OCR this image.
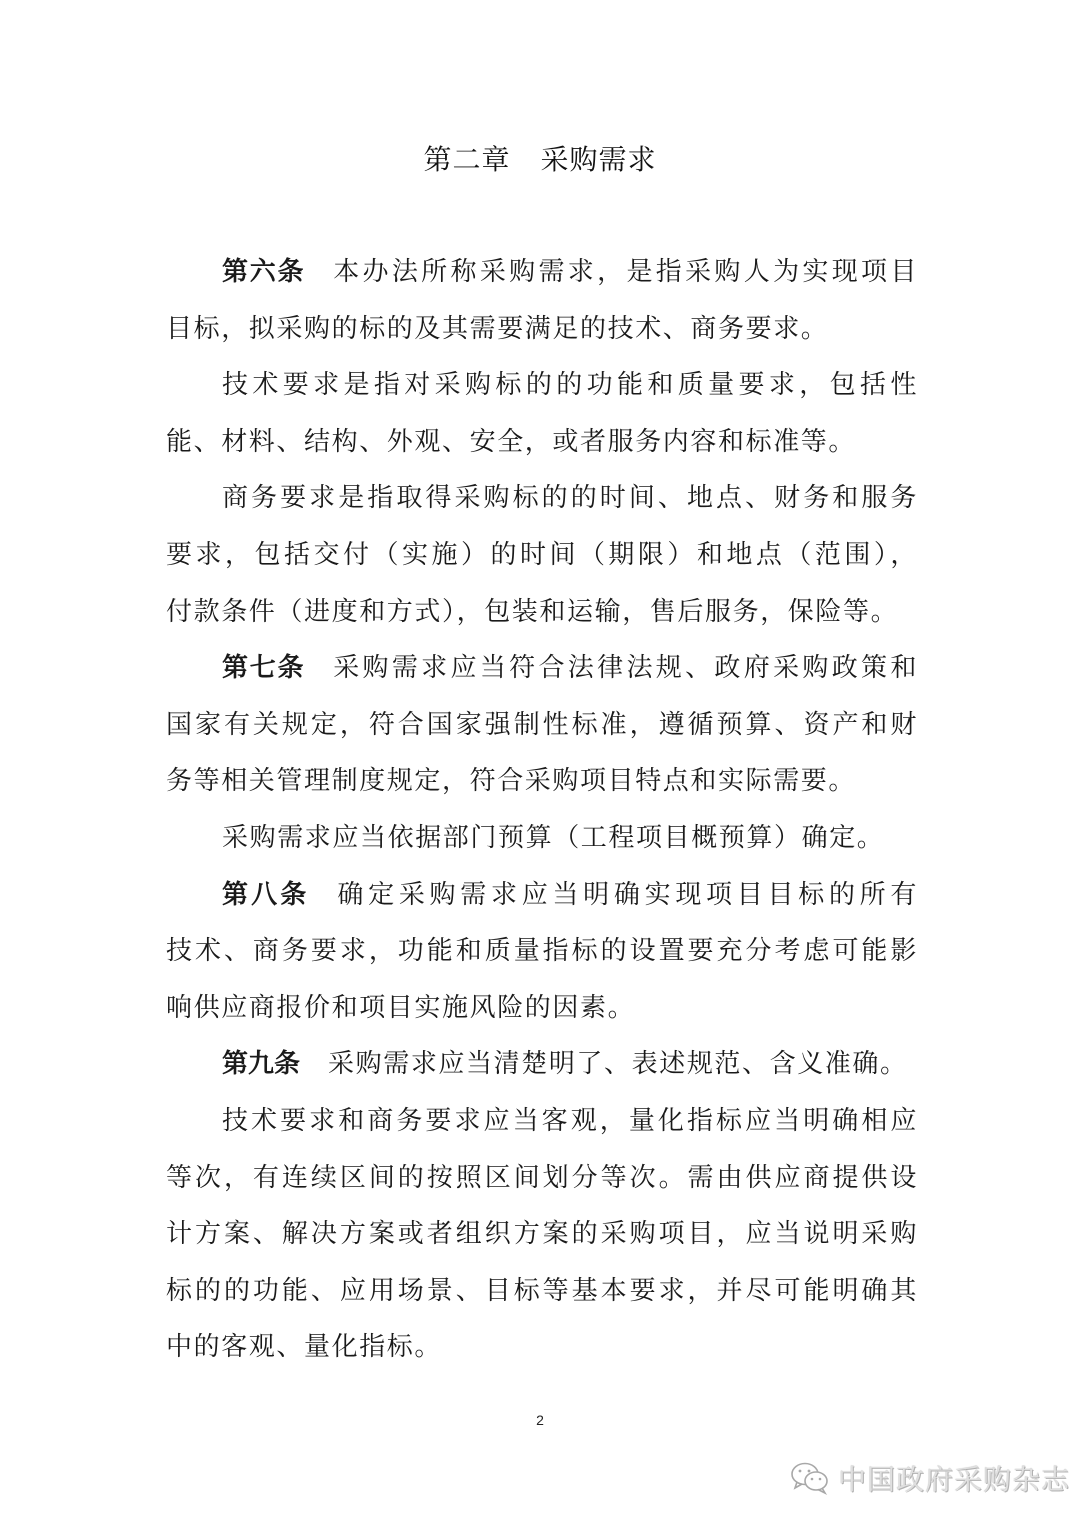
第二章 采购需求
第六条 本办法所称采购需求，是指采购人为实现项目
目标，拟采购的标的及其需要满足的技术、商务要求。
技术要求是指对采购标的的功能和质量要求，包括性
能、材料、结构、外观、安全，或者服务内容和标准等。
商务要求是指取得采购标的的时间、地点、财务和服务
要求，包括交付（实施）的时间（期限）和地点（范围），
付款条件（进度和方式），包装和运输，售后服务，保险等。
第七条 采购需求应当符合法律法规、政府采购政策和
国家有关规定，符合国家强制性标准，遵循预算、资产和财
务等相关管理制度规定，符合采购项目特点和实际需要。
采购需求应当依据部门预算（工程项目概预算）确定。
第八条 确定采购需求应当明确实现项目目标的所有
技术、商务要求，功能和质量指标的设置要充分考虑可能影
响供应商报价和项目实施风险的因素。
第九条 采购需求应当清楚明了、表述规范、含义准确。
技术要求和商务要求应当客观，量化指标应当明确相应
等次，有连续区间的按照区间划分等次。需由供应商提供设
计方案、解决方案或者组织方案的采购项目，应当说明采购
标的的功能、应用场景、目标等基本要求，并尽可能明确其
中的客观、量化指标。
2
中国政府采购杂志
